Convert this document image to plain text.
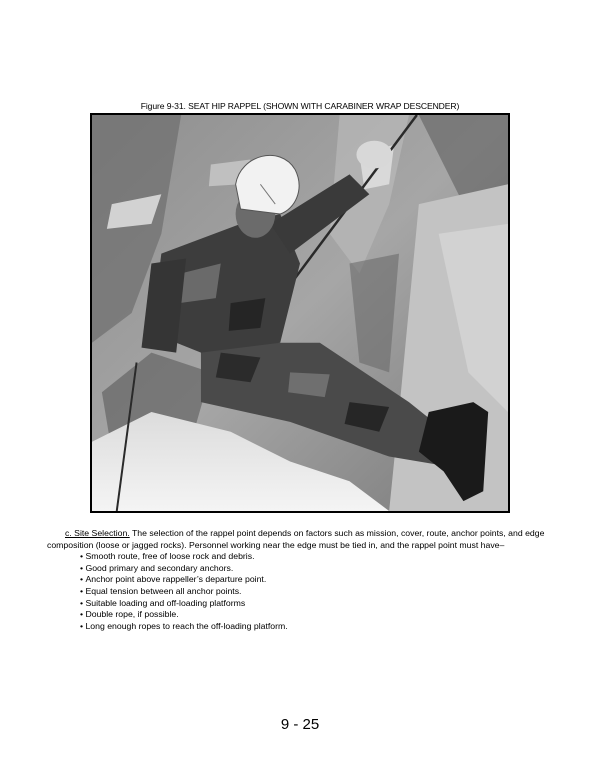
Figure 9-31. SEAT HIP RAPPEL (SHOWN WITH CARABINER WRAP DESCENDER)

c. Site Selection. The selection of the rappel point depends on factors such as mission, cover, route, anchor points, and edge composition (loose or jagged rocks). Personnel working near the edge must be tied in, and the rappel point must have–

• Smooth route, free of loose rock and debris.
• Good primary and secondary anchors.
• Anchor point above rappeller’s departure point.
• Equal tension between all anchor points.
• Suitable loading and off-loading platforms
• Double rope, if possible.
• Long enough ropes to reach the off-loading platform.
9 - 25
